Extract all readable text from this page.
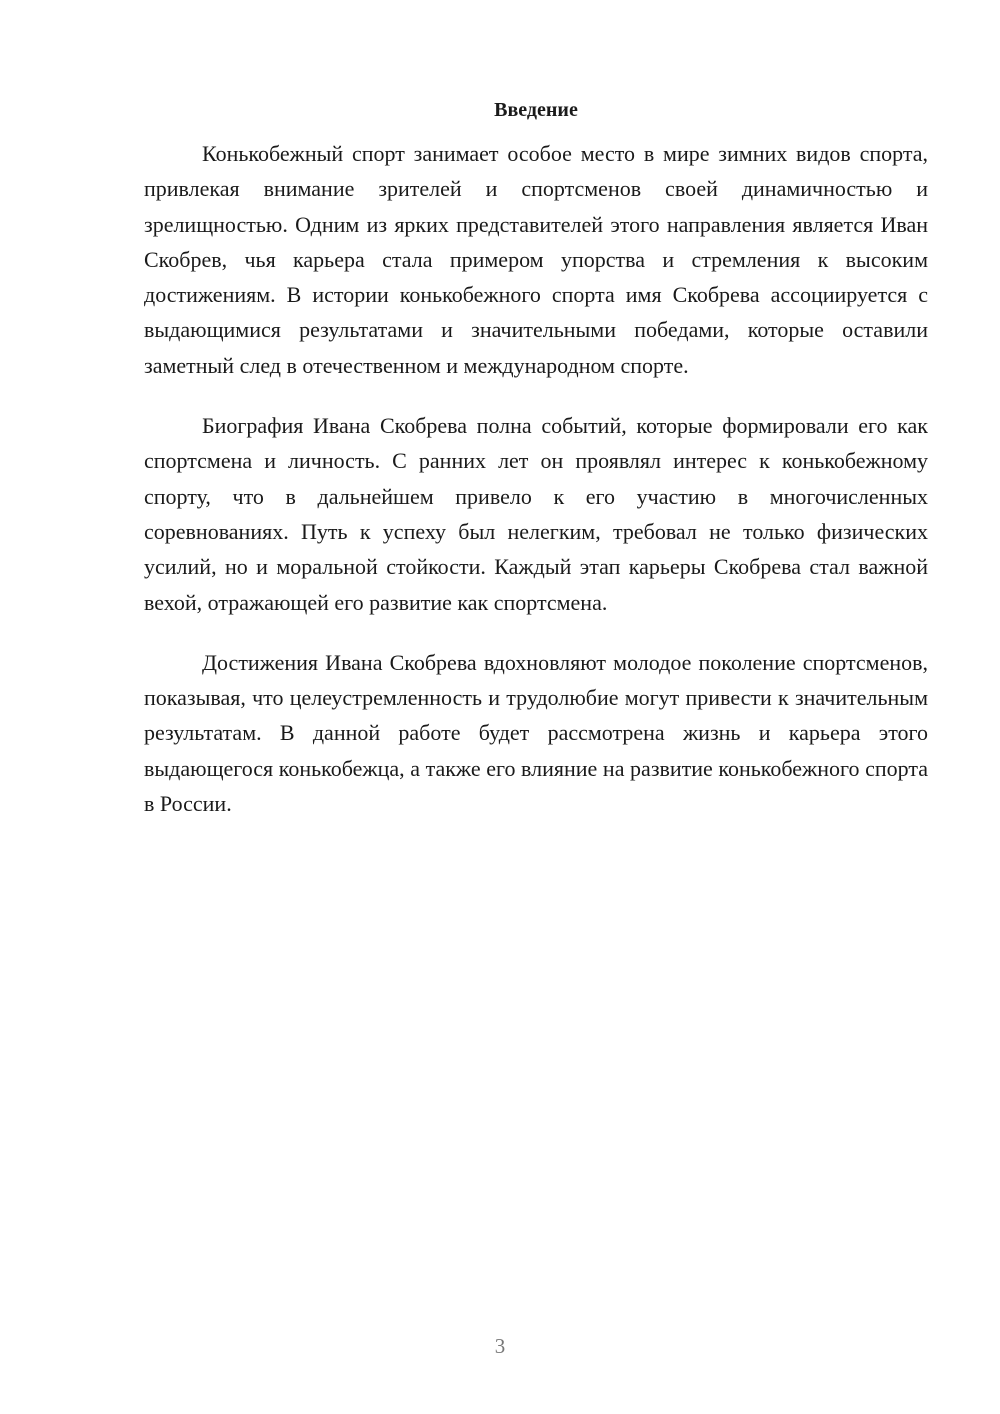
Введение

Конькобежный спорт занимает особое место в мире зимних видов спорта, привлекая внимание зрителей и спортсменов своей динамичностью и зрелищностью. Одним из ярких представителей этого направления является Иван Скобрев, чья карьера стала примером упорства и стремления к высоким достижениям. В истории конькобежного спорта имя Скобрева ассоциируется с выдающимися результатами и значительными победами, которые оставили заметный след в отечественном и международном спорте.

Биография Ивана Скобрева полна событий, которые формировали его как спортсмена и личность. С ранних лет он проявлял интерес к конькобежному спорту, что в дальнейшем привело к его участию в многочисленных соревнованиях. Путь к успеху был нелегким, требовал не только физических усилий, но и моральной стойкости. Каждый этап карьеры Скобрева стал важной вехой, отражающей его развитие как спортсмена.

Достижения Ивана Скобрева вдохновляют молодое поколение спортсменов, показывая, что целеустремленность и трудолюбие могут привести к значительным результатам. В данной работе будет рассмотрена жизнь и карьера этого выдающегося конькобежца, а также его влияние на развитие конькобежного спорта в России.

3
